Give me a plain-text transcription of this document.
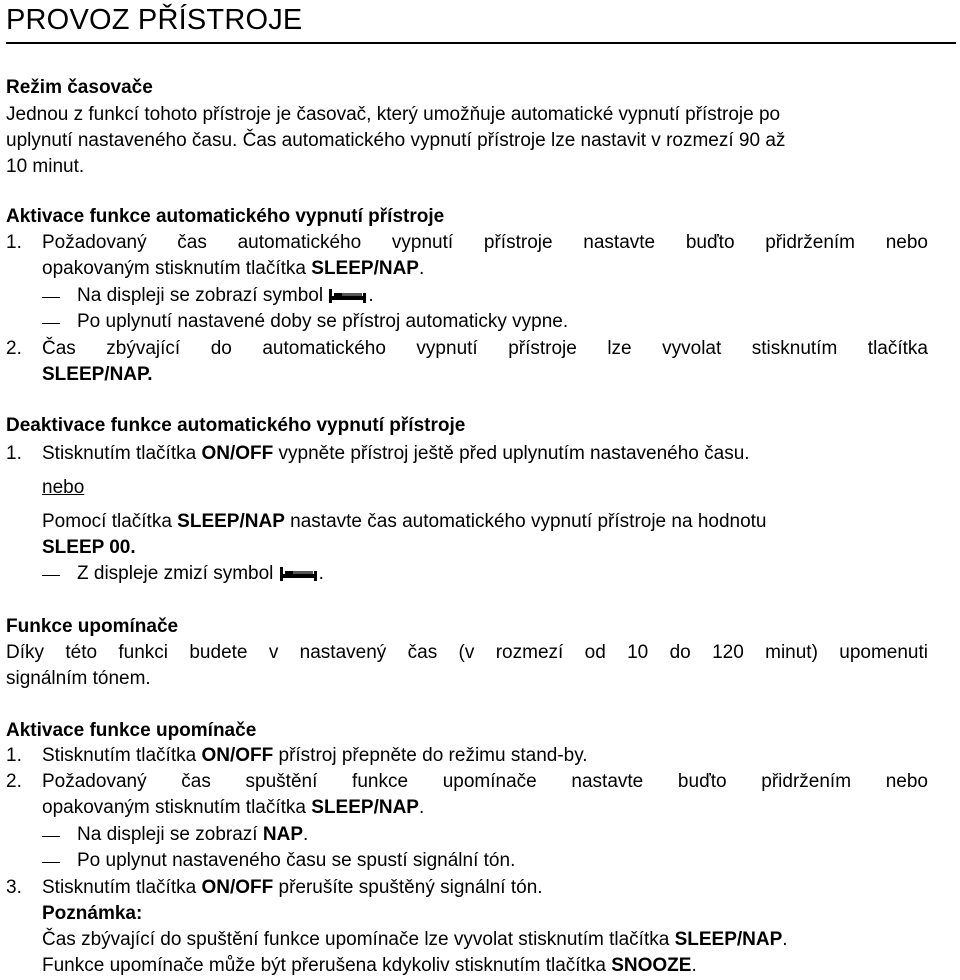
PROVOZ PŘÍSTROJE
Režim časovače
Jednou z funkcí tohoto přístroje je časovač, který umožňuje automatické vypnutí přístroje po
uplynutí nastaveného času. Čas automatického vypnutí přístroje lze nastavit v rozmezí 90 až
10 minut.
Aktivace funkce automatického vypnutí přístroje
1. Požadovaný čas automatického vypnutí přístroje nastavte buďto přidržením nebo
opakovaným stisknutím tlačítka SLEEP/NAP.
Na displeji se zobrazí symbol .
Po uplynutí nastavené doby se přístroj automaticky vypne.
2. Čas zbývající do automatického vypnutí přístroje lze vyvolat stisknutím tlačítka
SLEEP/NAP.
Deaktivace funkce automatického vypnutí přístroje
1. Stisknutím tlačítka ON/OFF vypněte přístroj ještě před uplynutím nastaveného času.
nebo
Pomocí tlačítka SLEEP/NAP nastavte čas automatického vypnutí přístroje na hodnotu
SLEEP 00.
Z displeje zmizí symbol .
Funkce upomínače
Díky této funkci budete v nastavený čas (v rozmezí od 10 do 120 minut) upomenuti
signálním tónem.
Aktivace funkce upomínače
1. Stisknutím tlačítka ON/OFF přístroj přepněte do režimu stand-by.
2. Požadovaný čas spuštění funkce upomínače nastavte buďto přidržením nebo
opakovaným stisknutím tlačítka SLEEP/NAP.
Na displeji se zobrazí NAP.
Po uplynut nastaveného času se spustí signální tón.
3. Stisknutím tlačítka ON/OFF přerušíte spuštěný signální tón.
Poznámka:
Čas zbývající do spuštění funkce upomínače lze vyvolat stisknutím tlačítka SLEEP/NAP.
Funkce upomínače může být přerušena kdykoliv stisknutím tlačítka SNOOZE.
